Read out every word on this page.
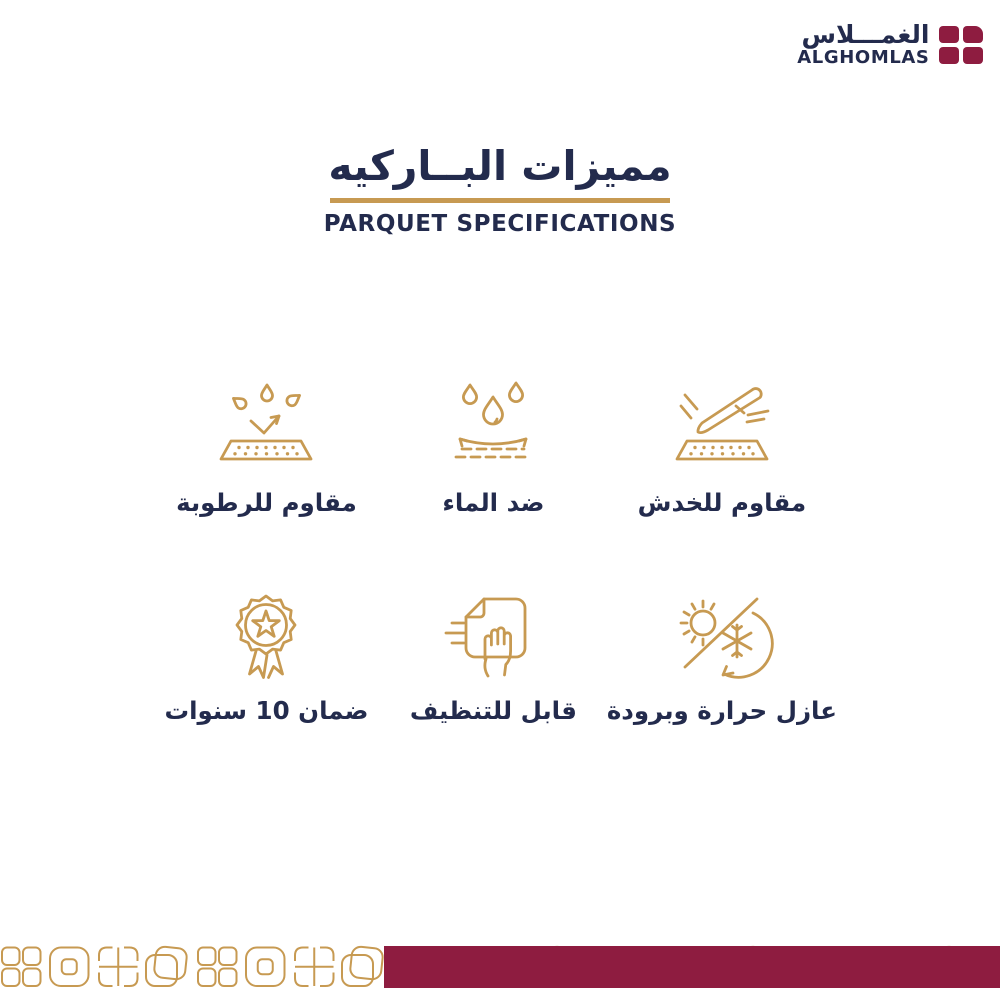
الغمـــلاس
ALGHOMLAS
مميزات البــاركيه
PARQUET SPECIFICATIONS
مقاوم للرطوبة	ضد الماء	مقاوم للخدش
ضمان 10 سنوات قابل للتنظيف عازل حرارة وبرودة
